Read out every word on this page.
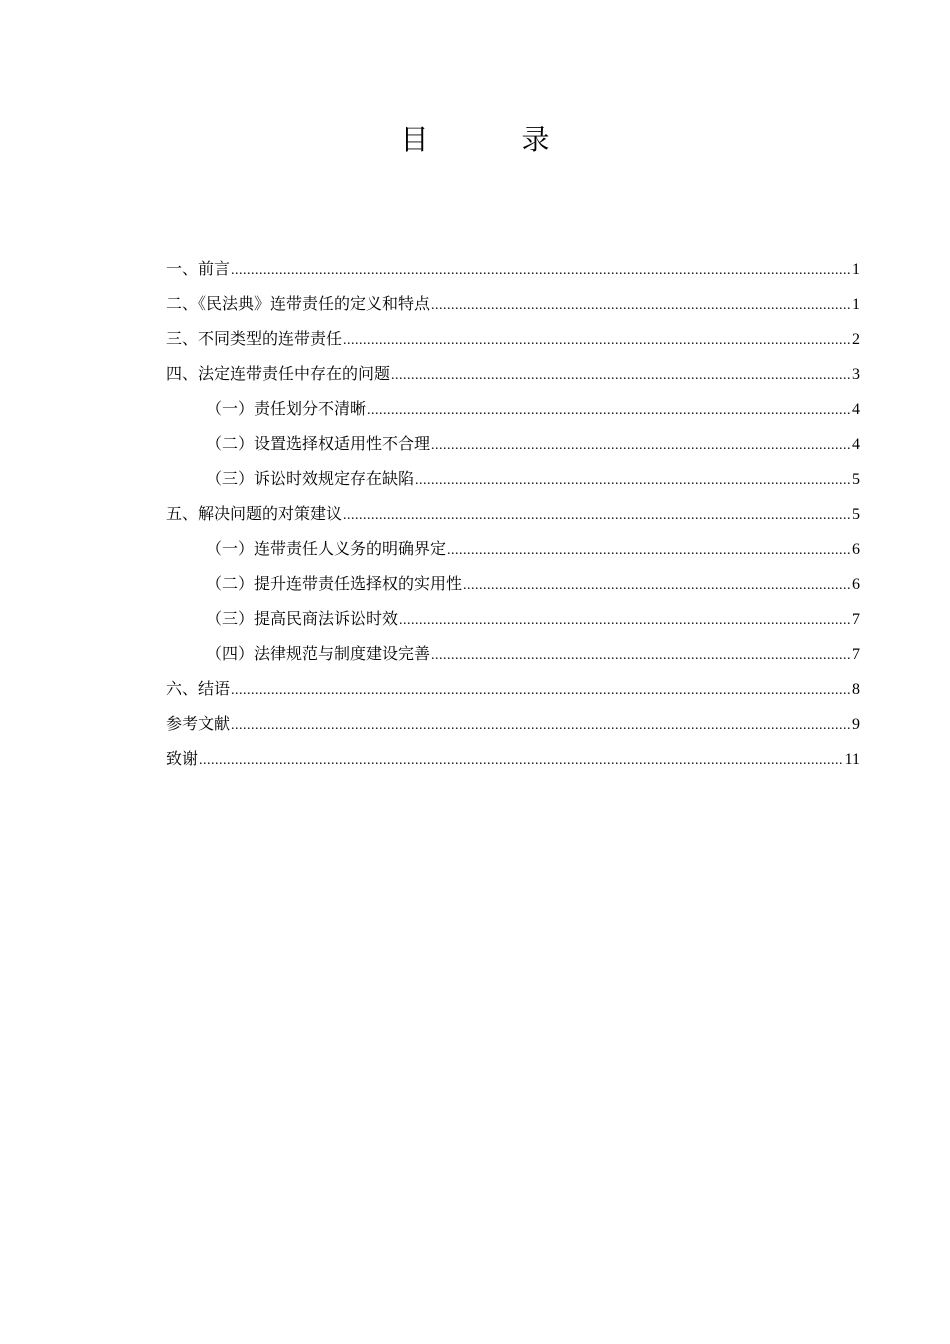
目 录
一、前言 .....	1
二、《民法典》连带责任的定义和特点 .....	1
三、不同类型的连带责任 .....	2
四、法定连带责任中存在的问题 .....	3
（一）责任划分不清晰 .....	4
（二）设置选择权适用性不合理 .....	4
（三）诉讼时效规定存在缺陷 .....	5
五、解决问题的对策建议 .....	5
（一）连带责任人义务的明确界定 .....	6
（二）提升连带责任选择权的实用性 .....	6
（三）提高民商法诉讼时效 .....	7
（四）法律规范与制度建设完善 .....	7
六、结语 .....	8
参考文献 .....	9
致谢 .....	11
